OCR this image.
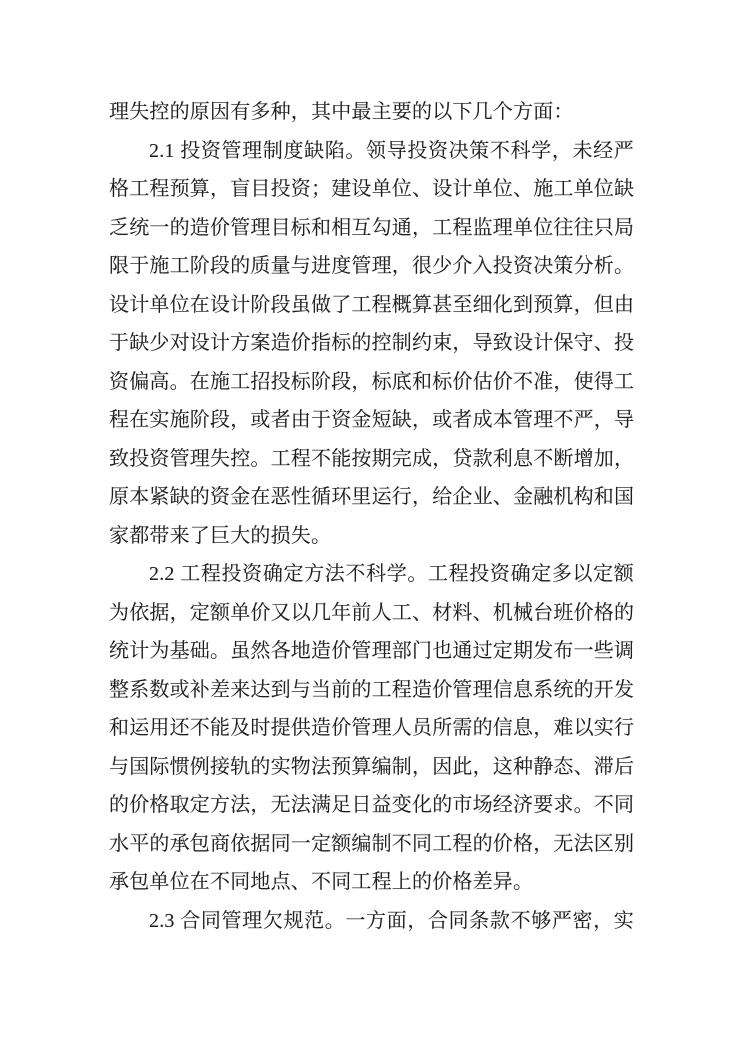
理失控的原因有多种，其中最主要的以下几个方面：
2.1 投资管理制度缺陷。领导投资决策不科学，未经严
格工程预算，盲目投资；建设单位、设计单位、施工单位缺
乏统一的造价管理目标和相互勾通，工程监理单位往往只局
限于施工阶段的质量与进度管理，很少介入投资决策分析。
设计单位在设计阶段虽做了工程概算甚至细化到预算，但由
于缺少对设计方案造价指标的控制约束，导致设计保守、投
资偏高。在施工招投标阶段，标底和标价估价不准，使得工
程在实施阶段，或者由于资金短缺，或者成本管理不严，导
致投资管理失控。工程不能按期完成，贷款利息不断增加，
原本紧缺的资金在恶性循环里运行，给企业、金融机构和国
家都带来了巨大的损失。
2.2 工程投资确定方法不科学。工程投资确定多以定额
为依据，定额单价又以几年前人工、材料、机械台班价格的
统计为基础。虽然各地造价管理部门也通过定期发布一些调
整系数或补差来达到与当前的工程造价管理信息系统的开发
和运用还不能及时提供造价管理人员所需的信息，难以实行
与国际惯例接轨的实物法预算编制，因此，这种静态、滞后
的价格取定方法，无法满足日益变化的市场经济要求。不同
水平的承包商依据同一定额编制不同工程的价格，无法区别
承包单位在不同地点、不同工程上的价格差异。
2.3 合同管理欠规范。一方面，合同条款不够严密，实
